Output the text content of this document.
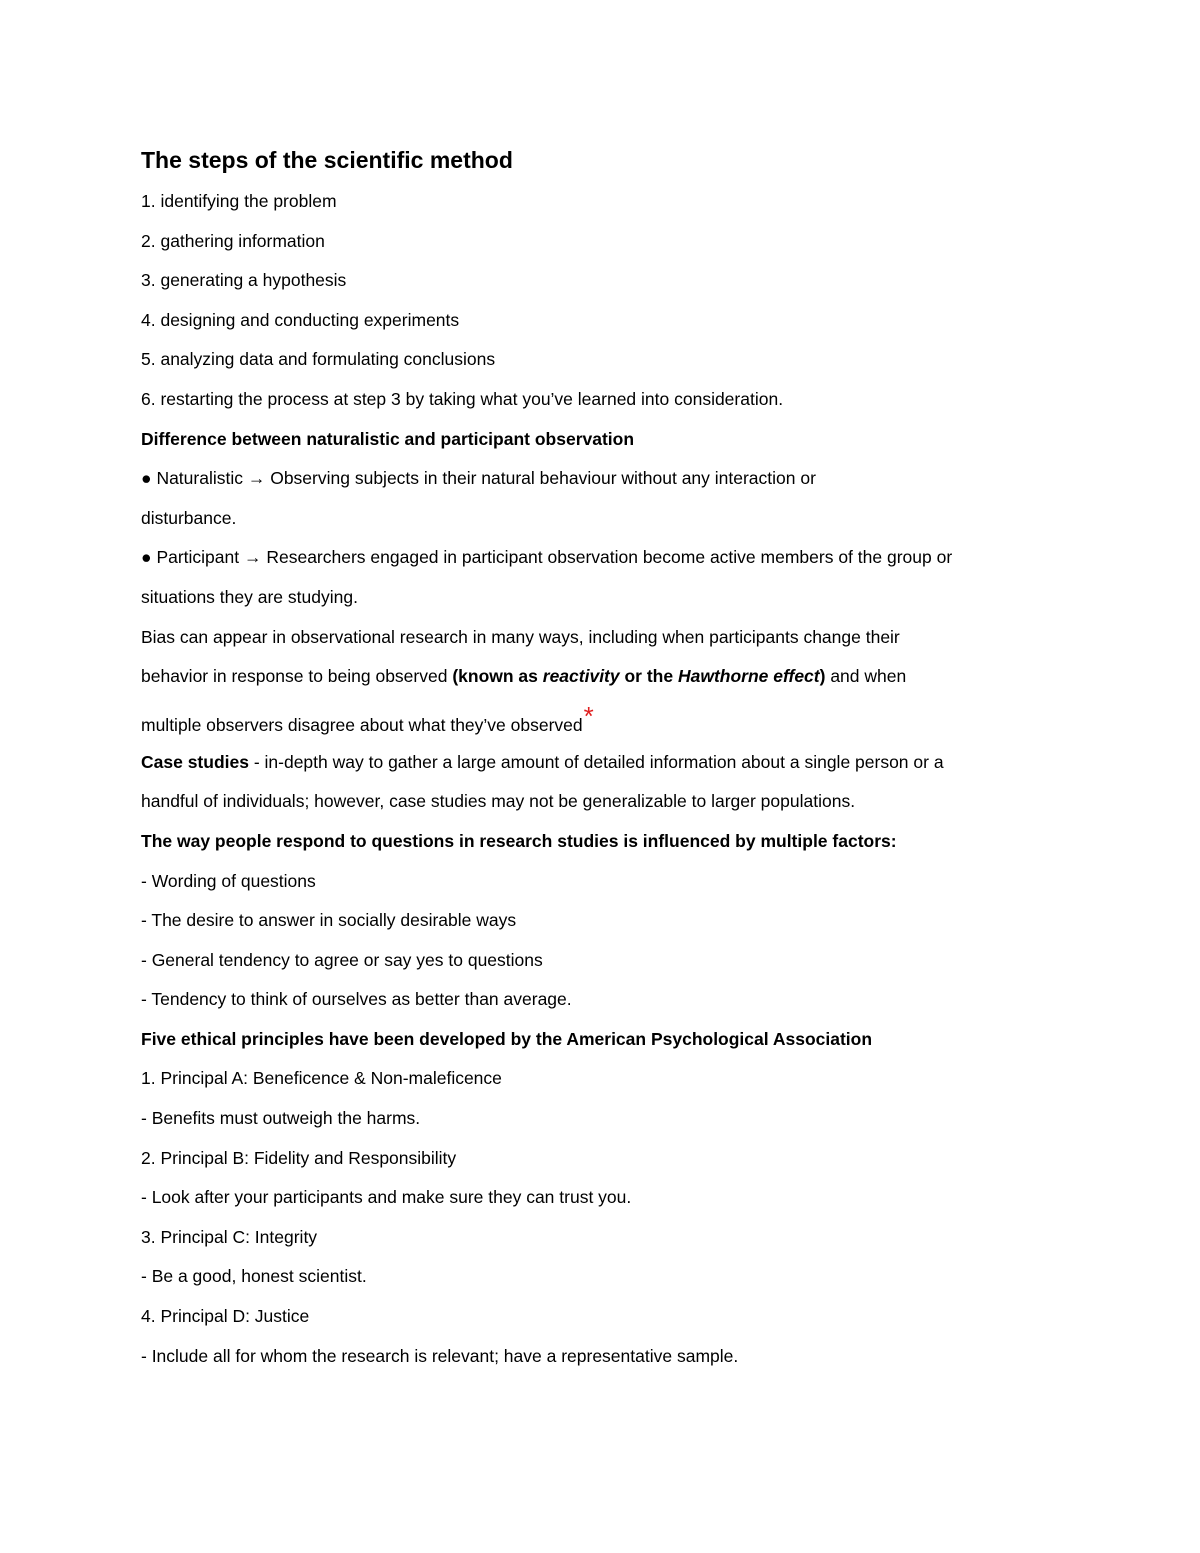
The steps of the scientific method
1. identifying the problem
2. gathering information
3. generating a hypothesis
4. designing and conducting experiments
5. analyzing data and formulating conclusions
6. restarting the process at step 3 by taking what you’ve learned into consideration.
Difference between naturalistic and participant observation
● Naturalistic → Observing subjects in their natural behaviour without any interaction or
disturbance.
● Participant → Researchers engaged in participant observation become active members of the group or
situations they are studying.
Bias can appear in observational research in many ways, including when participants change their
behavior in response to being observed (known as reactivity or the Hawthorne effect) and when
multiple observers disagree about what they’ve observed*
Case studies - in-depth way to gather a large amount of detailed information about a single person or a
handful of individuals; however, case studies may not be generalizable to larger populations.
The way people respond to questions in research studies is influenced by multiple factors:
- Wording of questions
- The desire to answer in socially desirable ways
- General tendency to agree or say yes to questions
- Tendency to think of ourselves as better than average.
Five ethical principles have been developed by the American Psychological Association
1. Principal A: Beneficence & Non-maleficence
- Benefits must outweigh the harms.
2. Principal B: Fidelity and Responsibility
- Look after your participants and make sure they can trust you.
3. Principal C: Integrity
- Be a good, honest scientist.
4. Principal D: Justice
- Include all for whom the research is relevant; have a representative sample.
